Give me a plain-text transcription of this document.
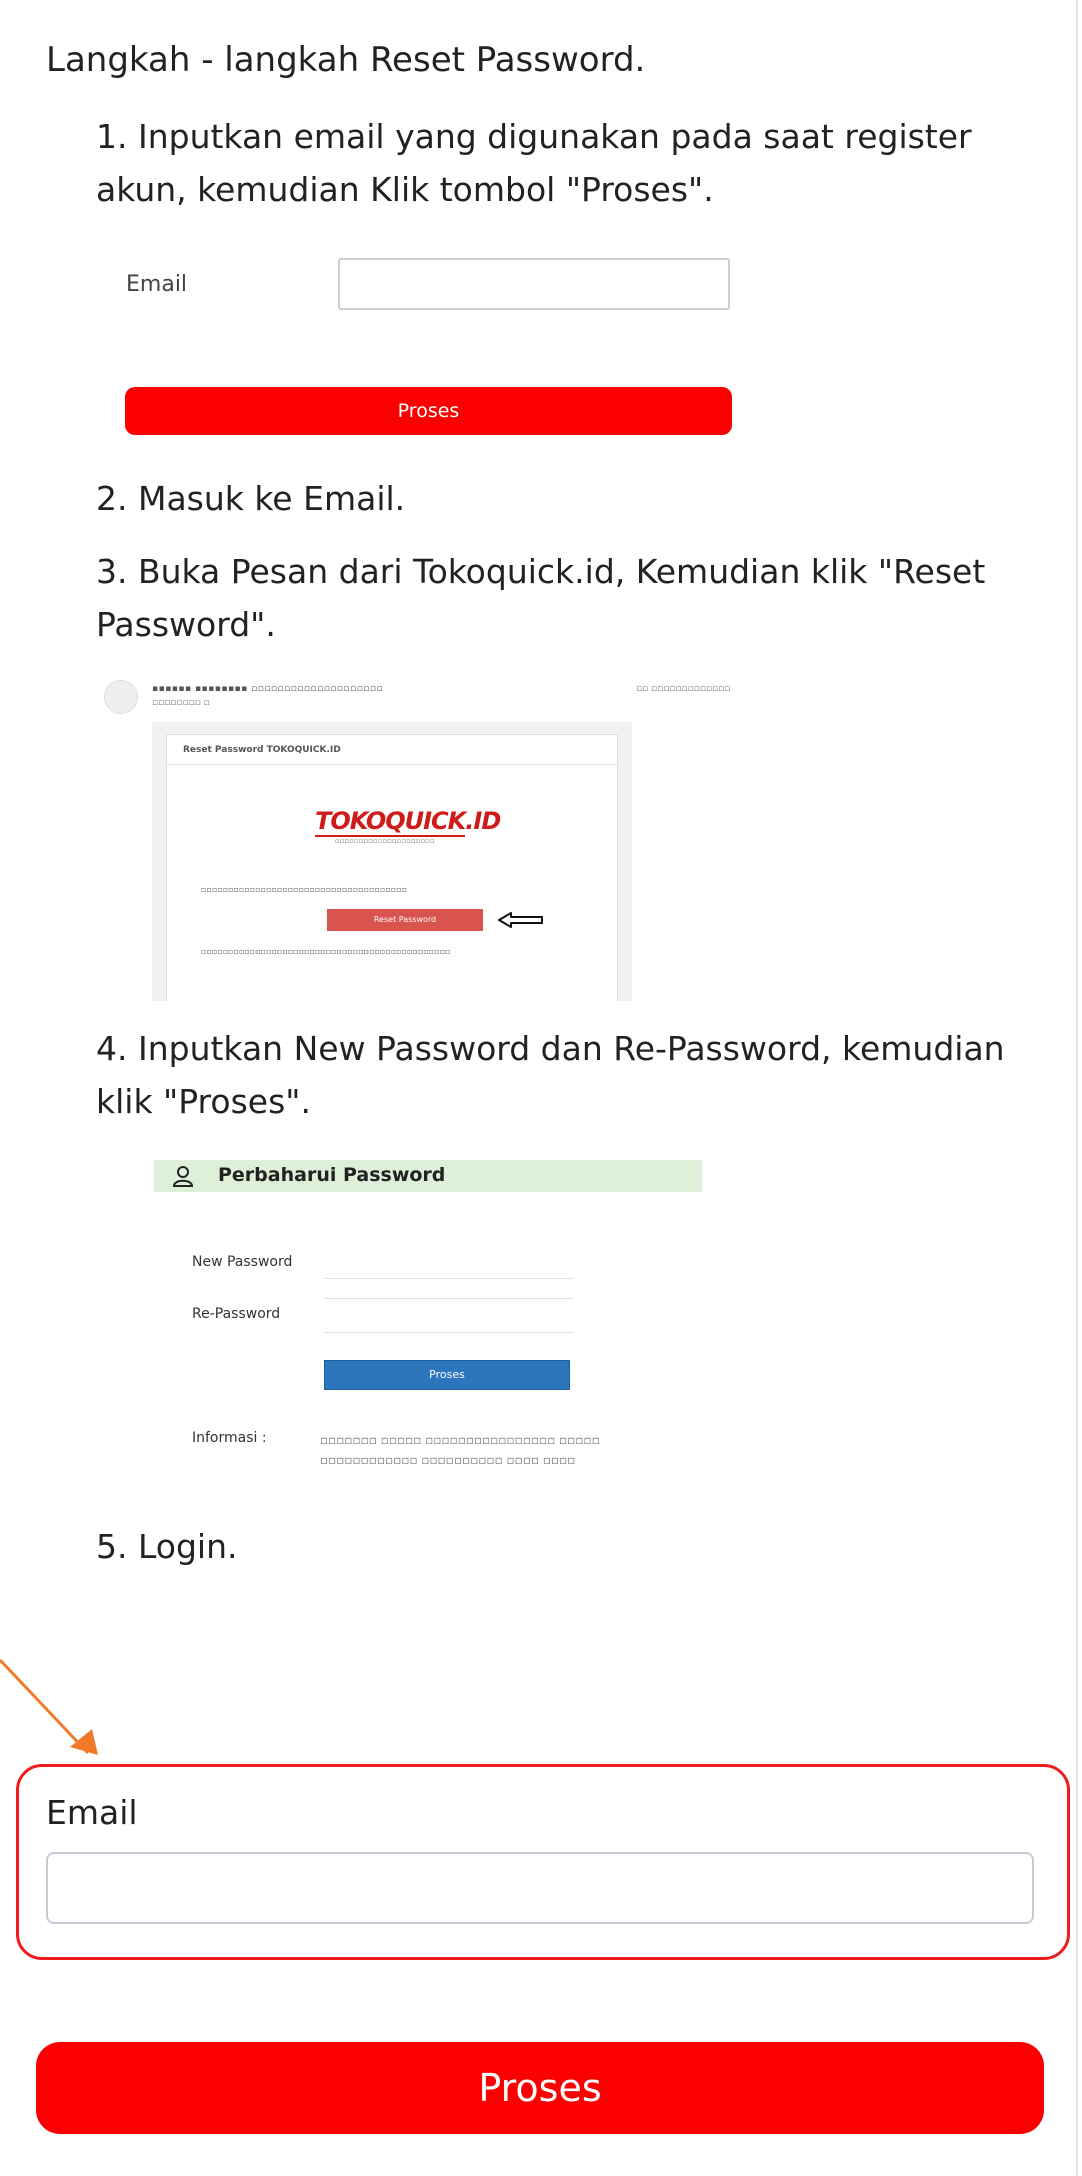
Langkah - langkah Reset Password.
1. Inputkan email yang digunakan pada saat register akun, kemudian Klik tombol "Proses".
Email
Proses
2. Masuk ke Email.
3. Buka Pesan dari Tokoquick.id, Kemudian klik "Reset Password".
▪▪▪▪▪▪ ▪▪▪▪▪▪▪▪ ▫▫▫▫▫▫▫▫▫▫▫▫▫▫▫▫▫▫▫▫
▫▫▫▫▫▫▫▫ ▫
▫▫ ▫▫▫▫▫▫▫▫▫▫▫▫▫
Reset Password TOKOQUICK.ID
TOKOQUICK.ID
▫▫▫▫▫▫▫▫▫▫▫▫▫▫▫▫▫▫▫▫▫
▫▫▫▫▫▫▫▫▫▫▫▫▫▫▫▫▫▫▫▫▫▫▫▫▫▫▫▫▫▫▫▫▫▫▫▫▫▫
Reset Password
▫▫▫▫▫▫▫▫▫▫▫▫▫▫▫▫▫▫▫▫▫▫▫▫▫▫▫▫▫▫▫▫▫▫▫▫▫▫▫▫▫▫▫▫▫▫
4. Inputkan New Password dan Re-Password, kemudian klik "Proses".
Perbaharui Password
New Password
Re-Password
Proses
Informasi :	▫▫▫▫▫▫▫ ▫▫▫▫▫ ▫▫▫▫▫▫▫▫▫▫▫▫▫▫▫▫ ▫▫▫▫▫ ▫▫▫▫▫▫▫▫▫▫▫▫ ▫▫▫▫▫▫▫▫▫▫ ▫▫▫▫ ▫▫▫▫
5. Login.
Email
Proses
